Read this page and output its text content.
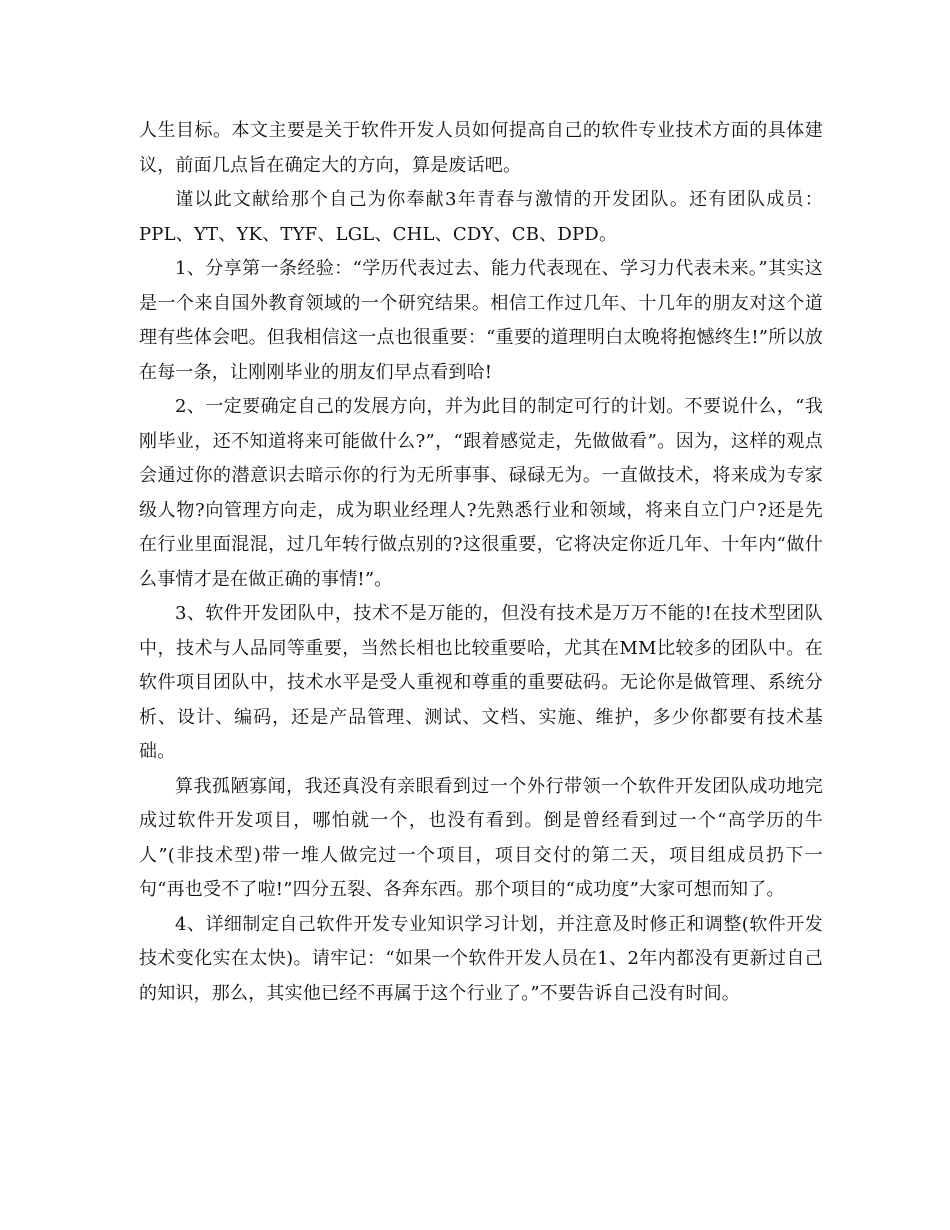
人生目标。本文主要是关于软件开发人员如何提高自己的软件专业技术方面的具体建议，前面几点旨在确定大的方向，算是废话吧。

谨以此文献给那个自己为你奉献3年青春与激情的开发团队。还有团队成员：PPL、YT、YK、TYF、LGL、CHL、CDY、CB、DPD。

1、分享第一条经验：“学历代表过去、能力代表现在、学习力代表未来。”其实这是一个来自国外教育领域的一个研究结果。相信工作过几年、十几年的朋友对这个道理有些体会吧。但我相信这一点也很重要：“重要的道理明白太晚将抱憾终生!”所以放在每一条，让刚刚毕业的朋友们早点看到哈!

2、一定要确定自己的发展方向，并为此目的制定可行的计划。不要说什么，“我刚毕业，还不知道将来可能做什么?”，“跟着感觉走，先做做看”。因为，这样的观点会通过你的潜意识去暗示你的行为无所事事、碌碌无为。一直做技术，将来成为专家级人物?向管理方向走，成为职业经理人?先熟悉行业和领域，将来自立门户?还是先在行业里面混混，过几年转行做点别的?这很重要，它将决定你近几年、十年内“做什么事情才是在做正确的事情!”。

3、软件开发团队中，技术不是万能的，但没有技术是万万不能的!在技术型团队中，技术与人品同等重要，当然长相也比较重要哈，尤其在MM比较多的团队中。在软件项目团队中，技术水平是受人重视和尊重的重要砝码。无论你是做管理、系统分析、设计、编码，还是产品管理、测试、文档、实施、维护，多少你都要有技术基础。

算我孤陋寡闻，我还真没有亲眼看到过一个外行带领一个软件开发团队成功地完成过软件开发项目，哪怕就一个，也没有看到。倒是曾经看到过一个“高学历的牛人”(非技术型)带一堆人做完过一个项目，项目交付的第二天，项目组成员扔下一句“再也受不了啦!”四分五裂、各奔东西。那个项目的“成功度”大家可想而知了。

4、详细制定自己软件开发专业知识学习计划，并注意及时修正和调整(软件开发技术变化实在太快)。请牢记：“如果一个软件开发人员在1、2年内都没有更新过自己的知识，那么，其实他已经不再属于这个行业了。”不要告诉自己没有时间。
